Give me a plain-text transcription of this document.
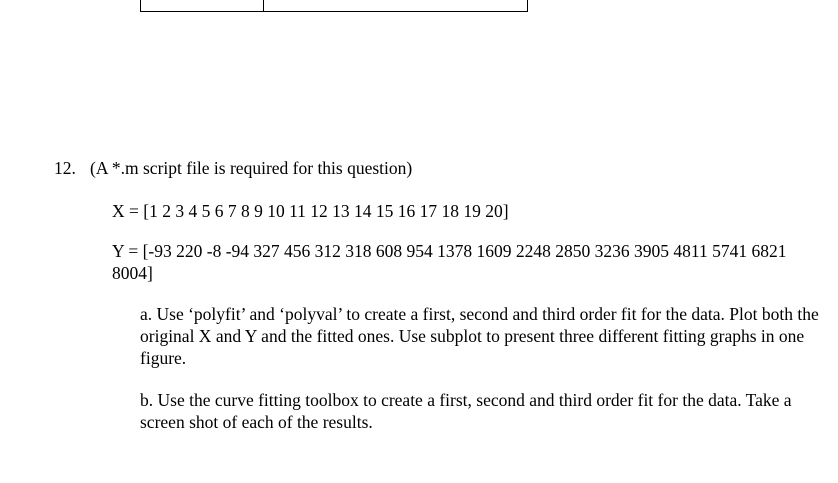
12. (A *.m script file is required for this question)
X = [1 2 3 4 5 6 7 8 9 10 11 12 13 14 15 16 17 18 19 20]
Y = [-93 220 -8 -94 327 456 312 318 608 954 1378 1609 2248 2850 3236 3905 4811 5741 6821 8004]
a. Use ‘polyfit’ and ‘polyval’ to create a first, second and third order fit for the data. Plot both the original X and Y and the fitted ones. Use subplot to present three different fitting graphs in one figure.
b. Use the curve fitting toolbox to create a first, second and third order fit for the data. Take a screen shot of each of the results.
